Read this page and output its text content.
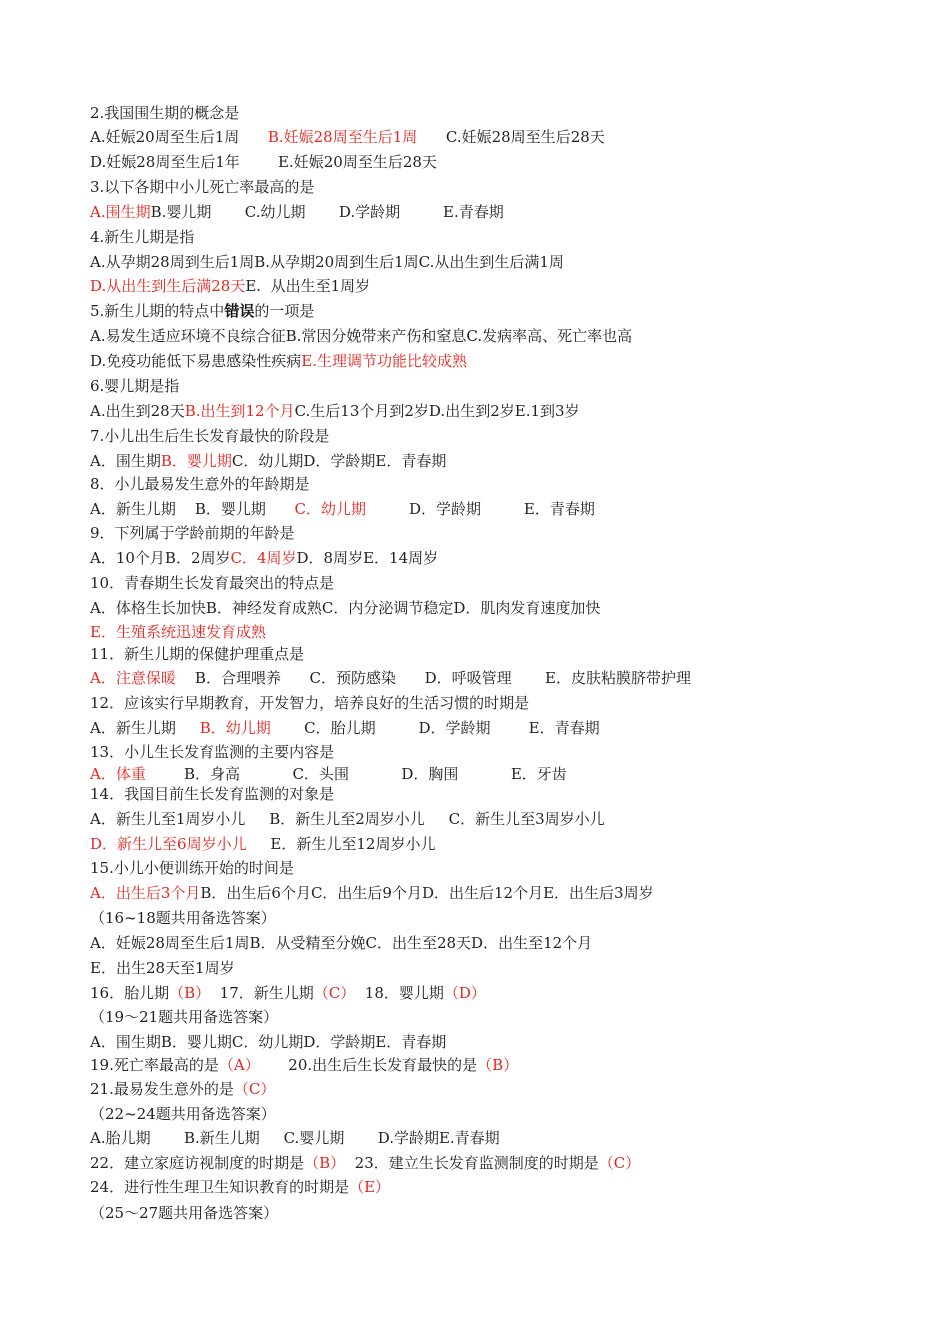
2.我国围生期的概念是
A.妊娠20周至生后1周      B.妊娠28周至生后1周      C.妊娠28周至生后28天
D.妊娠28周至生后1年        E.妊娠20周至生后28天
3.以下各期中小儿死亡率最高的是
A.围生期B.婴儿期       C.幼儿期       D.学龄期         E.青春期
4.新生儿期是指
A.从孕期28周到生后1周B.从孕期20周到生后1周C.从出生到生后满1周
D.从出生到生后满28天E.  从出生至1周岁
5.新生儿期的特点中错误的一项是
A.易发生适应环境不良综合征B.常因分娩带来产伤和窒息C.发病率高、死亡率也高
D.免疫功能低下易患感染性疾病E.生理调节功能比较成熟
6.婴儿期是指
A.出生到28天B.出生到12个月C.生后13个月到2岁D.出生到2岁E.1到3岁
7.小儿出生后生长发育最快的阶段是
A．围生期B．婴儿期C．幼儿期D．学龄期E．青春期
8．小儿最易发生意外的年龄期是
A．新生儿期    B．婴儿期      C．幼儿期         D．学龄期         E．青春期
9．下列属于学龄前期的年龄是
A．10个月B．2周岁C．4周岁D．8周岁E．14周岁
10．青春期生长发育最突出的特点是
A．体格生长加快B．神经发育成熟C．内分泌调节稳定D．肌肉发育速度加快
E．生殖系统迅速发育成熟
11．新生儿期的保健护理重点是
A．注意保暖    B．合理喂养      C．预防感染      D．呼吸管理       E．皮肤粘膜脐带护理
12．应该实行早期教育，开发智力，培养良好的生活习惯的时期是
A．新生儿期     B．幼儿期       C．胎儿期         D．学龄期        E．青春期
13．小儿生长发育监测的主要内容是
A．体重        B．身高           C．头围           D．胸围           E．牙齿
14．我国目前生长发育监测的对象是
A．新生儿至1周岁小儿     B．新生儿至2周岁小儿     C．新生儿至3周岁小儿
D．新生儿至6周岁小儿     E．新生儿至12周岁小儿
15.小儿小便训练开始的时间是
A．出生后3个月B．出生后6个月C．出生后9个月D．出生后12个月E．出生后3周岁
（16~18题共用备选答案）
A．妊娠28周至生后1周B．从受精至分娩C．出生至28天D．出生至12个月
E．出生28天至1周岁
16．胎儿期（B）  17．新生儿期（C）  18．婴儿期（D）
（19～21题共用备选答案）
A．围生期B．婴儿期C．幼儿期D．学龄期E．青春期
19.死亡率最高的是（A）      20.出生后生长发育最快的是（B）
21.最易发生意外的是（C）
（22~24题共用备选答案）
A.胎儿期       B.新生儿期     C.婴儿期       D.学龄期E.青春期
22．建立家庭访视制度的时期是（B）  23．建立生长发育监测制度的时期是（C）
24．进行性生理卫生知识教育的时期是（E）
（25～27题共用备选答案）
